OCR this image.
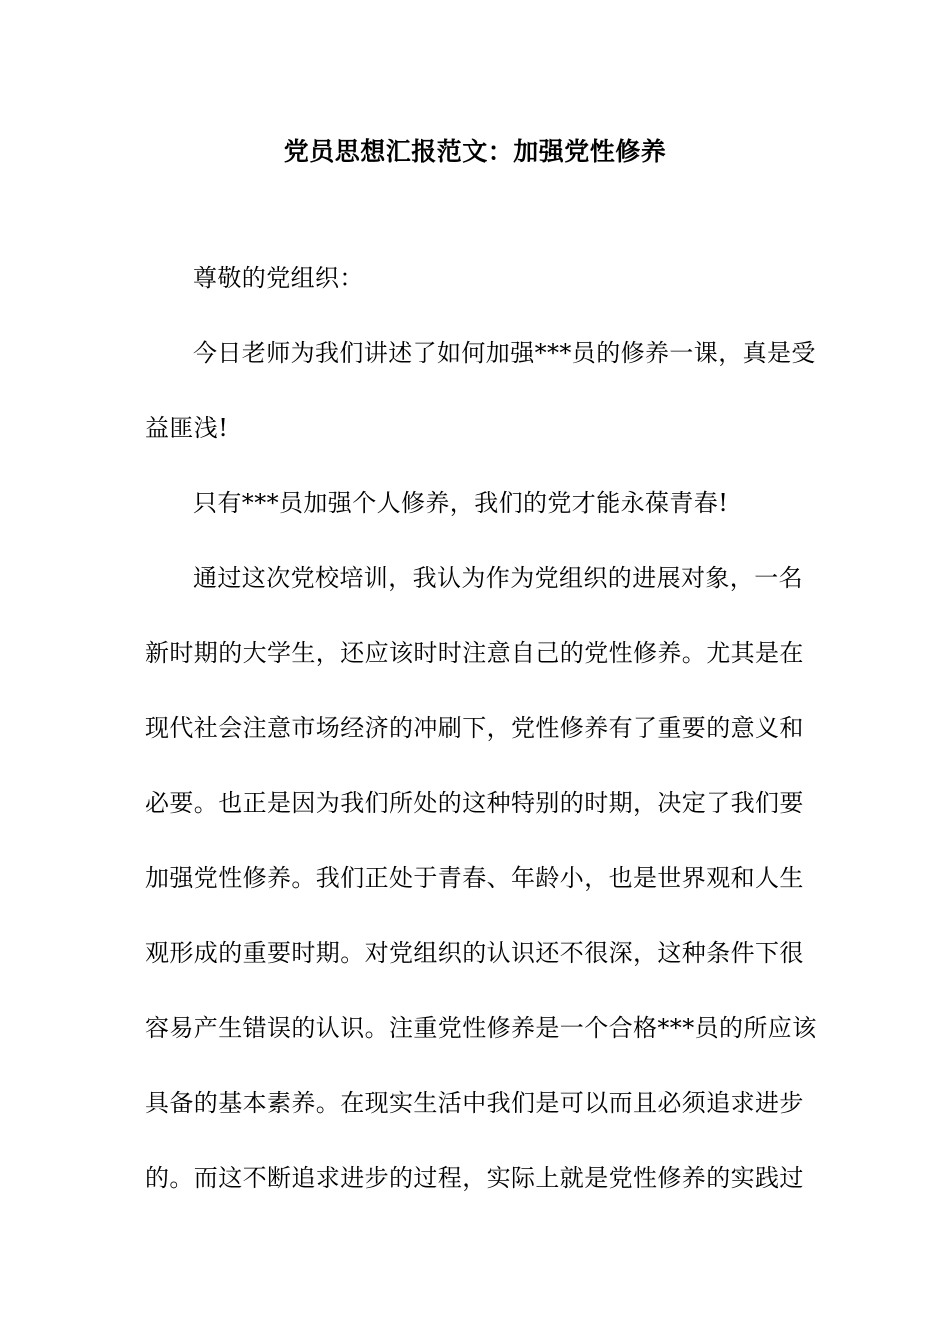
党员思想汇报范文：加强党性修养

尊敬的党组织：

今日老师为我们讲述了如何加强***员的修养一课，真是受

益匪浅!

只有***员加强个人修养，我们的党才能永葆青春!

通过这次党校培训，我认为作为党组织的进展对象，一名

新时期的大学生，还应该时时注意自己的党性修养。尤其是在

现代社会注意市场经济的冲刷下，党性修养有了重要的意义和

必要。也正是因为我们所处的这种特别的时期，决定了我们要

加强党性修养。我们正处于青春、年龄小，也是世界观和人生

观形成的重要时期。对党组织的认识还不很深，这种条件下很

容易产生错误的认识。注重党性修养是一个合格***员的所应该

具备的基本素养。在现实生活中我们是可以而且必须追求进步

的。而这不断追求进步的过程，实际上就是党性修养的实践过
